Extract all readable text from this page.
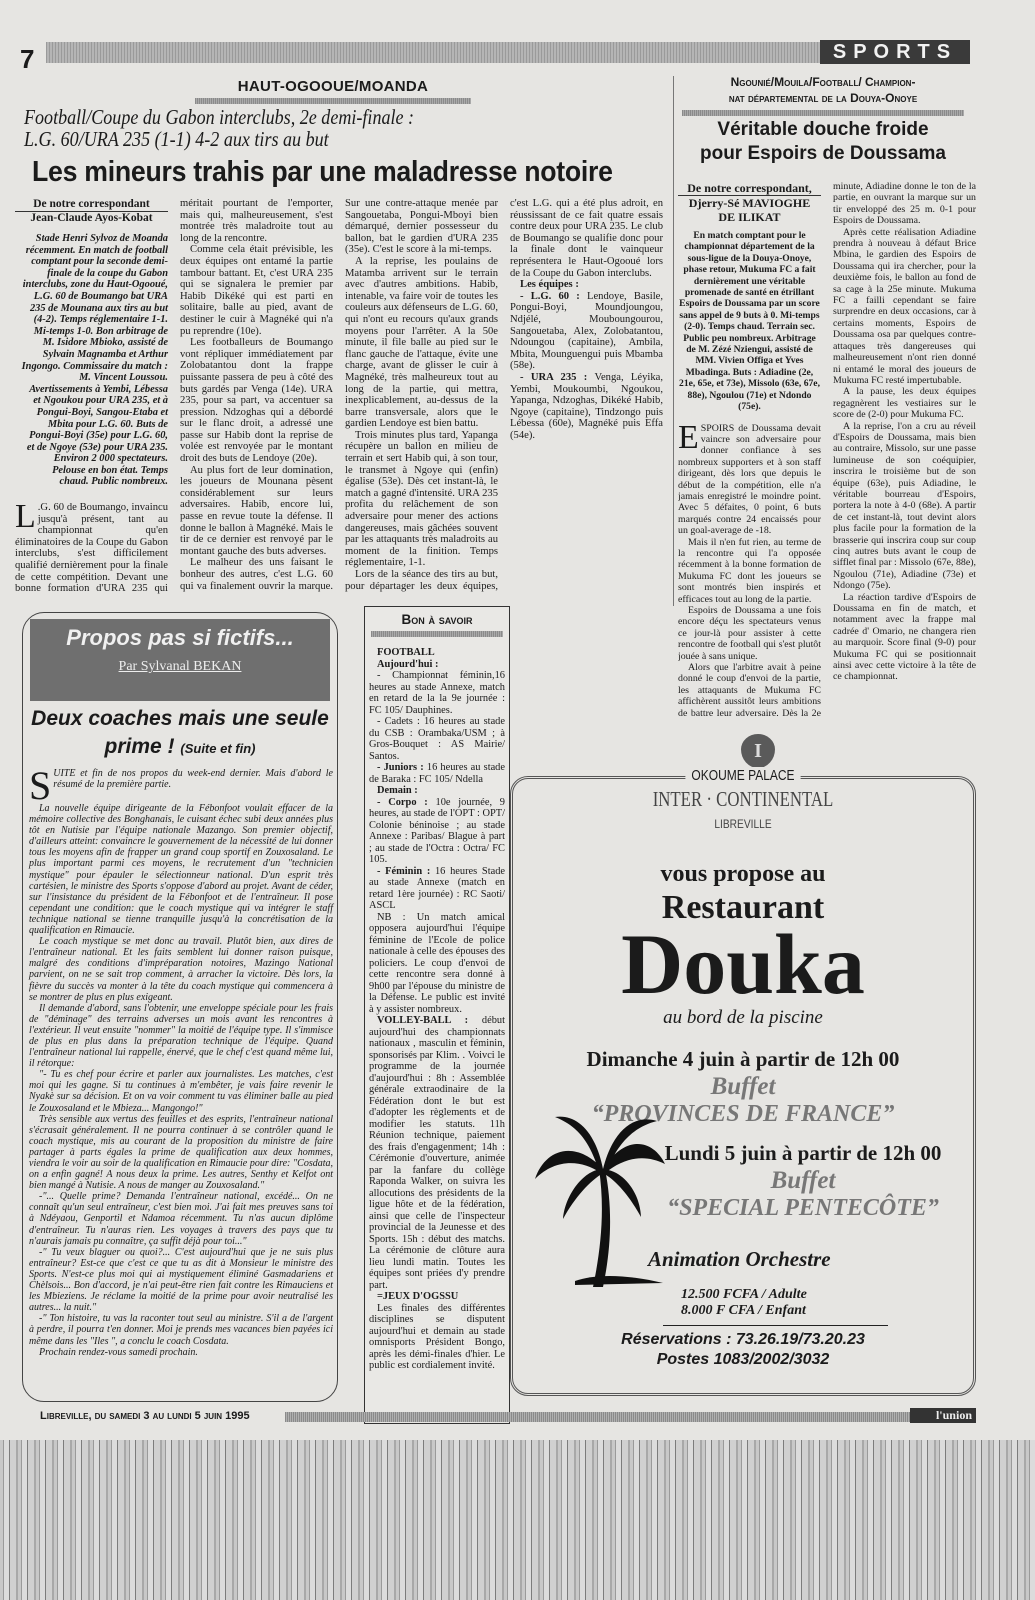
7	SPORTS
HAUT-OGOOUE/MOANDA
Football/Coupe du Gabon interclubs, 2e demi-finale :
L.G. 60/URA 235 (1-1) 4-2 aux tirs au but
Les mineurs trahis par une maladresse notoire
De notre correspondant
Jean-Claude Ayos-Kobat
Stade Henri Sylvoz de Moanda récemment. En match de football comptant pour la seconde demi-finale de la coupe du Gabon interclubs, zone du Haut-Ogooué, L.G. 60 de Boumango bat URA 235 de Mounana aux tirs au but (4-2). Temps réglementaire 1-1. Mi-temps 1-0. Bon arbitrage de M. Isidore Mbioko, assisté de Sylvain Magnamba et Arthur Ingongo. Commissaire du match : M. Vincent Loussou. Avertissements à Yembi, Lébessa et Ngoukou pour URA 235, et à Pongui-Boyi, Sangou-Etaba et Mbita pour L.G. 60. Buts de Pongui-Boyi (35e) pour L.G. 60, et de Ngoye (53e) pour URA 235. Environ 2 000 spectateurs. Pelouse en bon état. Temps chaud. Public nombreux.

L .G. 60 de Boumango, invaincu jusqu'à présent, tant au championnat qu'en éliminatoires de la Coupe du Gabon interclubs, s'est difficilement qualifié dernièrement pour la finale de cette compétition. Devant une bonne formation d'URA 235 qui méritait pourtant de l'emporter, mais qui, malheureusement, s'est montrée très maladroite tout au long de la rencontre.

Comme cela était prévisible, les deux équipes ont entamé la partie tambour battant. Et, c'est URA 235 qui se signalera le premier par Habib Dikéké qui est parti en solitaire, balle au pied, avant de destiner le cuir à Magnéké qui n'a pu reprendre (10e).

Les footballeurs de Boumango vont répliquer immédiatement par Zolobatantou dont la frappe puissante passera de peu à côté des buts gardés par Venga (14e). URA 235, pour sa part, va accentuer sa pression. Ndzoghas qui a débordé sur le flanc droit, a adressé une passe sur Habib dont la reprise de volée est renvoyée par le montant droit des buts de Lendoye (20e).

Au plus fort de leur domination, les joueurs de Mounana pèsent considérablement sur leurs adversaires. Habib, encore lui, passe en revue toute la défense. Il donne le ballon à Magnéké. Mais le tir de ce dernier est renvoyé par le montant gauche des buts adverses.

Le malheur des uns faisant le bonheur des autres, c'est L.G. 60 qui va finalement ouvrir la marque. Sur une contre-attaque menée par Sangouetaba, Pongui-Mboyi bien démarqué, dernier possesseur du ballon, bat le gardien d'URA 235 (35e). C'est le score à la mi-temps.

A la reprise, les poulains de Matamba arrivent sur le terrain avec d'autres ambitions. Habib, intenable, va faire voir de toutes les couleurs aux défenseurs de L.G. 60, qui n'ont eu recours qu'aux grands moyens pour l'arrêter. A la 50e minute, il file balle au pied sur le flanc gauche de l'attaque, évite une charge, avant de glisser le cuir à Magnéké, très malheureux tout au long de la partie, qui mettra, inexplicablement, au-dessus de la barre transversale, alors que le gardien Lendoye est bien battu.

Trois minutes plus tard, Yapanga récupère un ballon en milieu de terrain et sert Habib qui, à son tour, le transmet à Ngoye qui (enfin) égalise (53e). Dès cet instant-là, le match a gagné d'intensité. URA 235 profita du relâchement de son adversaire pour mener des actions dangereuses, mais gâchées souvent par les attaquants très maladroits au moment de la finition. Temps réglementaire, 1-1.

Lors de la séance des tirs au but, pour départager les deux équipes, c'est L.G. qui a été plus adroit, en réussissant de ce fait quatre essais contre deux pour URA 235. Le club de Boumango se qualifie donc pour la finale dont le vainqueur représentera le Haut-Ogooué lors de la Coupe du Gabon interclubs.

Les équipes :

- L.G. 60 : Lendoye, Basile, Pongui-Boyi, Moundjoungou, Ndjélé, Mouboungourou, Sangouetaba, Alex, Zolobatantou, Ndoungou (capitaine), Ambila, Mbita, Mounguengui puis Mbamba (58e).

- URA 235 : Venga, Léyika, Yembi, Moukoumbi, Ngoukou, Yapanga, Ndzoghas, Dikéké Habib, Ngoye (capitaine), Tindzongo puis Lébessa (60e), Magnéké puis Effa (54e).

Ngounié/Mouila/Football/ Champion-
nat départemental de la Douya-Onoye
Véritable douche froide
pour Espoirs de Doussama
De notre correspondant,
Djerry-Sé MAVIOGHE
DE ILIKAT
En match comptant pour le championnat département de la sous-ligue de la Douya-Onoye, phase retour, Mukuma FC a fait dernièrement une véritable promenade de santé en étrillant Espoirs de Doussama par un score sans appel de 9 buts à 0. Mi-temps (2-0). Temps chaud. Terrain sec. Public peu nombreux. Arbitrage de M. Zézé Nziengui, assisté de MM. Vivien Offiga et Yves Mbadinga. Buts : Adiadine (2e, 21e, 65e, et 73e), Missolo (63e, 67e, 88e), Ngoulou (71e) et Ndondo (75e).

ESPOIRS de Doussama devait vaincre son adversaire pour donner confiance à ses nombreux supporters et à son staff dirigeant, dès lors que depuis le début de la compétition, elle n'a jamais enregistré le moindre point. Avec 5 défaites, 0 point, 6 buts marqués contre 24 encaissés pour un goal-average de -18.

Mais il n'en fut rien, au terme de la rencontre qui l'a opposée récemment à la bonne formation de Mukuma FC dont les joueurs se sont montrés bien inspirés et efficaces tout au long de la partie.

Espoirs de Doussama a une fois encore déçu les spectateurs venus ce jour-là pour assister à cette rencontre de football qui s'est plutôt jouée à sans unique.

Alors que l'arbitre avait à peine donné le coup d'envoi de la partie, les attaquants de Mukuma FC affichèrent aussitôt leurs ambitions de battre leur adversaire. Dès la 2e minute, Adiadine donne le ton de la partie, en ouvrant la marque sur un tir enveloppé des 25 m. 0-1 pour Espoirs de Doussama.

Après cette réalisation Adiadine prendra à nouveau à défaut Brice Mbina, le gardien des Espoirs de Doussama qui ira chercher, pour la deuxième fois, le ballon au fond de sa cage à la 25e minute. Mukuma FC a failli cependant se faire surprendre en deux occasions, car à certains moments, Espoirs de Doussama osa par quelques contre-attaques très dangereuses qui malheureusement n'ont rien donné ni entamé le moral des joueurs de Mukuma FC resté impertubable.

A la pause, les deux équipes regagnèrent les vestiaires sur le score de (2-0) pour Mukuma FC.

A la reprise, l'on a cru au réveil d'Espoirs de Doussama, mais bien au contraire, Missolo, sur une passe lumineuse de son coéquipier, inscrira le troisième but de son équipe (63e), puis Adiadine, le véritable bourreau d'Espoirs, portera la note à 4-0 (68e). A partir de cet instant-là, tout devint alors plus facile pour la formation de la brasserie qui inscrira coup sur coup cinq autres buts avant le coup de sifflet final par : Missolo (67e, 88e), Ngoulou (71e), Adiadine (73e) et Ndongo (75e).

La réaction tardive d'Espoirs de Doussama en fin de match, et notamment avec la frappe mal cadrée d' Omario, ne changera rien au marquoir. Score final (9-0) pour Mukuma FC qui se positionnait ainsi avec cette victoire à la tête de ce championnat.

Propos pas si fictifs...
Par Sylvanal BEKAN
Deux coaches mais une seule prime ! (Suite et fin)

SUITE et fin de nos propos du week-end dernier. Mais d'abord le résumé de la première partie.

La nouvelle équipe dirigeante de la Fébonfoot voulait effacer de la mémoire collective des Bonghanais, le cuisant échec subi deux années plus tôt en Nutisie par l'équipe nationale Mazango. Son premier objectif, d'ailleurs atteint: convaincre le gouvernement de la nécessité de lui donner tous les moyens afin de frapper un grand coup sportif en Zouxosaland. Le plus important parmi ces moyens, le recrutement d'un "technicien mystique" pour épauler le sélectionneur national. D'un esprit très cartésien, le ministre des Sports s'oppose d'abord au projet. Avant de céder, sur l'insistance du président de la Fébonfoot et de l'entraîneur. Il pose cependant une condition: que le coach mystique qui va intégrer le staff technique national se tienne tranquille jusqu'à la concrétisation de la qualification en Rimaucie.

Le coach mystique se met donc au travail. Plutôt bien, aux dires de l'entraîneur national. Et les faits semblent lui donner raison puisque, malgré des conditions d'impréparation notoires, Mazingo National parvient, on ne se sait trop comment, à arracher la victoire. Dès lors, la fièvre du succès va monter à la tête du coach mystique qui commencera à se montrer de plus en plus exigeant.

Il demande d'abord, sans l'obtenir, une enveloppe spéciale pour les frais de "déminage" des terrains adverses un mois avant les rencontres à l'extérieur. Il veut ensuite "nommer" la moitié de l'équipe type. Il s'immisce de plus en plus dans la préparation technique de l'équipe. Quand l'entraîneur national lui rappelle, énervé, que le chef c'est quand même lui, il rétorque:

"- Tu es chef pour écrire et parler aux journalistes. Les matches, c'est moi qui les gagne. Si tu continues à m'embêter, je vais faire revenir le Nyakè sur sa décision. Et on va voir comment tu vas éliminer balle au pied le Zouxosaland et le Mbieza... Mangongo!"

Très sensible aux vertus des feuilles et des esprits, l'entraîneur national s'écrasait généralement. Il ne pourra continuer à se contrôler quand le coach mystique, mis au courant de la proposition du ministre de faire partager à parts égales la prime de qualification aux deux hommes, viendra le voir au soir de la qualification en Rimaucie pour dire: "Cosdata, on a enfin gagné! A nous deux la prime. Les autres, Senthy et Kelfot ont bien mangé à Nutisie. A nous de manger au Zouxosaland."

-"... Quelle prime? Demanda l'entraîneur national, excédé... On ne connaît qu'un seul entraîneur, c'est bien moi. J'ai fait mes preuves sans toi à Ndéyaou, Genportil et Ndamoa récemment. Tu n'as aucun diplôme d'entraîneur. Tu n'auras rien. Les voyages à travers des pays que tu n'aurais jamais pu connaître, ça suffit déjà pour toi..."

-" Tu veux blaguer ou quoi?... C'est aujourd'hui que je ne suis plus entraîneur? Est-ce que c'est ce que tu as dit à Monsieur le ministre des Sports. N'est-ce plus moi qui ai mystiquement éliminé Gasmadariens et Chèlsois... Bon d'accord, je n'ai peut-être rien fait contre les Rimauciens et les Mbieziens. Je réclame la moitié de la prime pour avoir neutralisé les autres... la nuit."

-" Ton histoire, tu vas la raconter tout seul au ministre. S'il a de l'argent à perdre, il pourra t'en donner. Moi je prends mes vacances bien payées ici même dans les "Iles ", a conclu le coach Cosdata.

Prochain rendez-vous samedi prochain.

Bon à savoir

FOOTBALL

Aujourd'hui :

- Championnat féminin,16 heures au stade Annexe, match en retard de la la 9e journée : FC 105/ Dauphines.

- Cadets : 16 heures au stade du CSB : Orambaka/USM ; à Gros-Bouquet : AS Mairie/ Santos.

- Juniors : 16 heures au stade de Baraka : FC 105/ Ndella

Demain :

- Corpo : 10e journée, 9 heures, au stade de l'OPT : OPT/ Colonie béninoise ; au stade Annexe : Paribas/ Blague à part ; au stade de l'Octra : Octra/ FC 105.

- Féminin : 16 heures Stade au stade Annexe (match en retard 1ère journée) : RC Saoti/ ASCL

NB : Un match amical opposera aujourd'hui l'équipe féminine de l'Ecole de police nationale à celle des épouses des policiers. Le coup d'envoi de cette rencontre sera donné à 9h00 par l'épouse du ministre de la Défense. Le public est invité à y assister nombreux.

VOLLEY-BALL : début aujourd'hui des championnats nationaux , masculin et féminin, sponsorisés par Klim. . Voivci le programme de la journée d'aujourd'hui : 8h : Assemblée générale extraodinaire de la Fédération dont le but est d'adopter les règlements et de modifier les statuts. 11h Réunion technique, paiement des frais d'engagenment; 14h : Cérémonie d'ouverture, animée par la fanfare du collège Raponda Walker, on suivra les allocutions des présidents de la ligue hôte et de la fédération, ainsi que celle de l'inspecteur provincial de la Jeunesse et des Sports. 15h : début des matchs. La cérémonie de clôture aura lieu lundi matin. Toutes les équipes sont priées d'y prendre part.

=JEUX D'OGSSU

Les finales des différentes disciplines se disputent aujourd'hui et demain au stade omnisports Président Bongo, après les démi-finales d'hier. Le public est cordialement invité.

I
OKOUME PALACE
INTER · CONTINENTAL
LIBREVILLE
vous propose au
Restaurant
Douka
au bord de la piscine
Dimanche 4 juin à partir de 12h 00
Buffet
“PROVINCES DE FRANCE”
Lundi 5 juin à partir de 12h 00
Buffet
“SPECIAL PENTECÔTE”
Animation Orchestre
12.500 FCFA / Adulte
8.000 F CFA / Enfant
Réservations : 73.26.19/73.20.23
Postes 1083/2002/3032
Libreville, du samedi 3 au lundi 5 juin 1995	l'union
